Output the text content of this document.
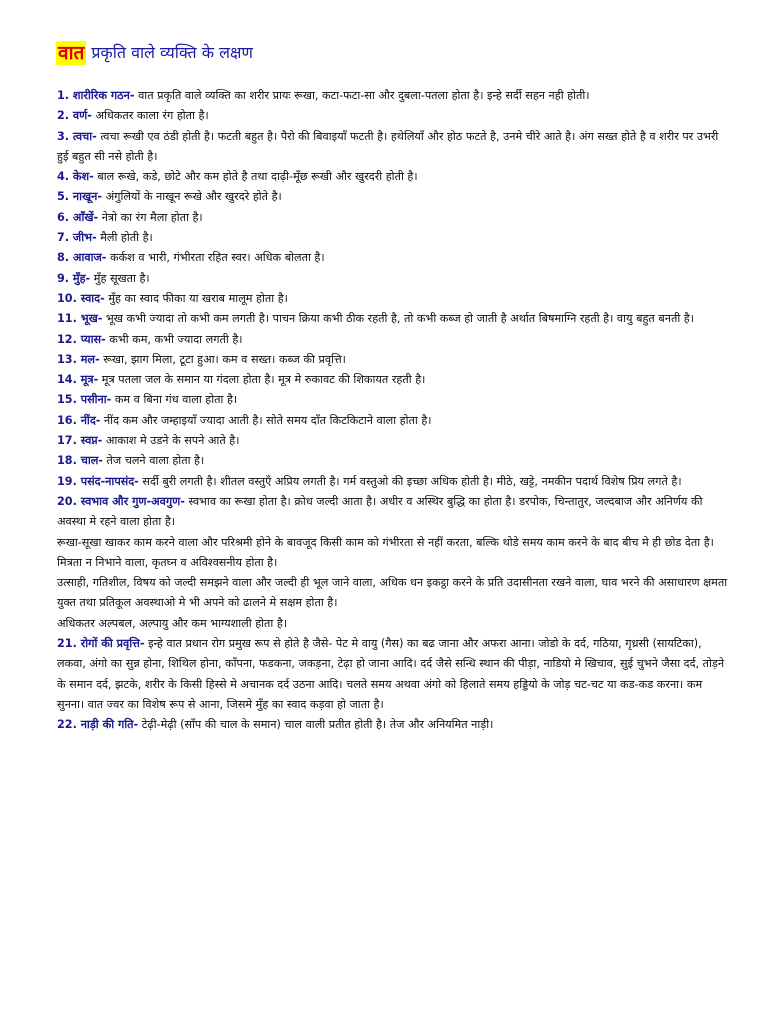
वात प्रकृति वाले व्यक्ति के लक्षण

1. शारीरिक गठन- वात प्रकृति वाले व्यक्ति का शरीर प्रायः रूखा, कटा-फटा-सा और दुबला-पतला होता है। इन्हे सर्दी सहन नही होती।

2. वर्ण- अधिकतर काला रंग होता है।

3. त्वचा- त्वचा रूखी एव ठंडी होती है। फटती बहुत है। पैरो की बिवाइयाँ फटती है। हथेलियाँ और होठ फटते है, उनमे चीरे आते है। अंग सख्त होते है व शरीर पर उभरी हुई बहुत सी नसे होती है।

4. केश- बाल रूखे, कडे, छोटे और कम होते है तथा दाढ़ी-मूँछ रूखी और खुरदरी होती है।

5. नाखून- अंगुलियों के नाखून रूखे और खुरदरे होते है।

6. आँखें- नेत्रो का रंग मैला होता है।

7. जीभ- मैली होती है।

8. आवाज- कर्कश व भारी, गंभीरता रहित स्वर। अधिक बोलता है।

9. मुँह- मुँह सूखता है।

10. स्वाद- मुँह का स्वाद फीका या खराब मालूम होता है।

11. भूख- भूख कभी ज्यादा तो कभी कम लगती है। पाचन क्रिया कभी ठीक रहती है, तो कभी कब्ज हो जाती है अर्थात बिषमाग्नि रहती है। वायु बहुत बनती है।

12. प्यास- कभी कम, कभी ज्यादा लगती है।

13. मल- रूखा, झाग मिला, टूटा हुआ। कम व सख्त। कब्ज की प्रवृत्ति।

14. मूत्र- मूत्र पतला जल के समान या गंदला होता है। मूत्र मे रुकावट की शिकायत रहती है।

15. पसीना- कम व बिना गंध वाला होता है।

16. नींद- नींद कम और जम्हाइयाँ ज्यादा आती है। सोते समय दाँत किटकिटाने वाला होता है।

17. स्वप्न- आकाश मे उडने के सपने आते है।

18. चाल- तेज चलने वाला होता है।

19. पसंद-नापसंद- सर्दी बुरी लगती है। शीतल वस्तुएँ अप्रिय लगती है। गर्म वस्तुओ की इच्छा अधिक होती है। मीठे, खट्टे, नमकीन पदार्थ विशेष प्रिय लगते है।

20. स्वभाव और गुण-अवगुण- स्वभाव का रूखा होता है। क्रोध जल्दी आता है। अधीर व अस्थिर बुद्धि का होता है। डरपोक, चिन्तातुर, जल्दबाज और अनिर्णय की अवस्था मे रहने वाला होता है।

रूखा-सूखा खाकर काम करने वाला और परिश्रमी होने के बावजूद किसी काम को गंभीरता से नहीं करता, बल्कि थोडे समय काम करने के बाद बीच मे ही छोड देता है। मित्रता न निभाने वाला, कृतघ्न व अविश्वसनीय होता है।

उत्साही, गतिशील, विषय को जल्दी समझने वाला और जल्दी ही भूल जाने वाला, अधिक धन इकट्ठा करने के प्रति उदासीनता रखने वाला, घाव भरने की असाधारण क्षमता युक्त तथा प्रतिकूल अवस्थाओ मे भी अपने को ढालने मे सक्षम होता है।

अधिकतर अल्पबल, अल्पायु और कम भाग्यशाली होता है।

21. रोगों की प्रवृत्ति- इन्हे वात प्रधान रोग प्रमुख रूप से होते है जैसे- पेट मे वायु (गैस) का बढ जाना और अफरा आना। जोडो के दर्द, गठिया, गृध्रसी (सायटिका), लकवा, अंगो का सुन्न होना, शिथिल होना, काँपना, फडकना, जकड़ना, टेढ़ा हो जाना आदि। दर्द जैसे सन्धि स्थान की पीड़ा, नाडियो मे खिचाव, सुई चुभने जैसा दर्द, तोड़ने के समान दर्द, झटके, शरीर के किसी हिस्से मे अचानक दर्द उठना आदि। चलते समय अथवा अंगो को हिलाते समय हड्डियो के जोड़ चट-चट या कड-कड करना। कम सुनना। वात ज्वर का विशेष रूप से आना, जिसमे मुँह का स्वाद कड़वा हो जाता है।

22. नाड़ी की गति- टेढ़ी-मेढ़ी (साँप की चाल के समान) चाल वाली प्रतीत होती है। तेज और अनियमित नाड़ी।
